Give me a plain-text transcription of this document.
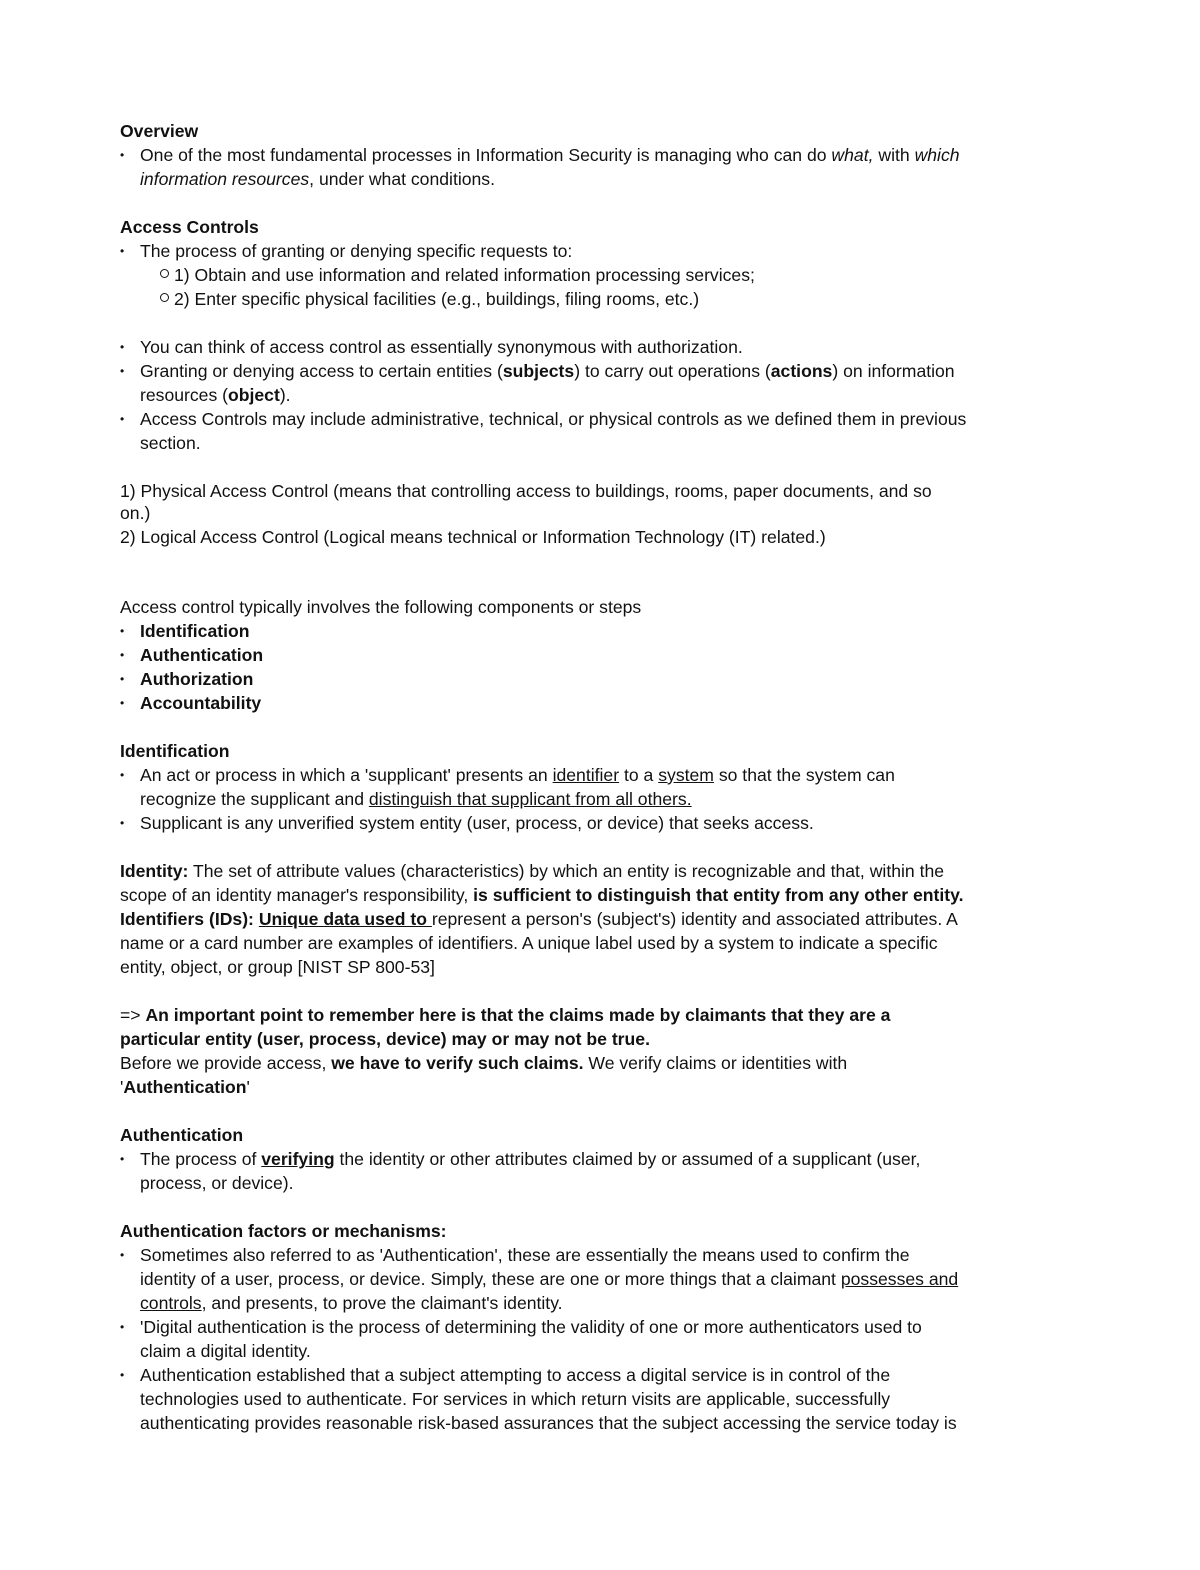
Overview
• One of the most fundamental processes in Information Security is managing who can do what, with which
information resources, under what conditions.
Access Controls
• The process of granting or denying specific requests to:
1) Obtain and use information and related information processing services;
2) Enter specific physical facilities (e.g., buildings, filing rooms, etc.)
• You can think of access control as essentially synonymous with authorization.
• Granting or denying access to certain entities (subjects) to carry out operations (actions) on information
resources (object).
• Access Controls may include administrative, technical, or physical controls as we defined them in previous
section.
1) Physical Access Control (means that controlling access to buildings, rooms, paper documents, and so
on.)
2) Logical Access Control (Logical means technical or Information Technology (IT) related.)
Access control typically involves the following components or steps
• Identification
• Authentication
• Authorization
• Accountability
Identification
• An act or process in which a 'supplicant' presents an identifier to a system so that the system can
recognize the supplicant and distinguish that supplicant from all others.
• Supplicant is any unverified system entity (user, process, or device) that seeks access.
Identity: The set of attribute values (characteristics) by which an entity is recognizable and that, within the
scope of an identity manager's responsibility, is sufficient to distinguish that entity from any other entity.
Identifiers (IDs): Unique data used to represent a person's (subject's) identity and associated attributes. A
name or a card number are examples of identifiers. A unique label used by a system to indicate a specific
entity, object, or group [NIST SP 800-53]
=> An important point to remember here is that the claims made by claimants that they are a
particular entity (user, process, device) may or may not be true.
Before we provide access, we have to verify such claims. We verify claims or identities with
'Authentication'
Authentication
• The process of verifying the identity or other attributes claimed by or assumed of a supplicant (user,
process, or device).
Authentication factors or mechanisms:
• Sometimes also referred to as 'Authentication', these are essentially the means used to confirm the
identity of a user, process, or device. Simply, these are one or more things that a claimant possesses and
controls, and presents, to prove the claimant's identity.
• 'Digital authentication is the process of determining the validity of one or more authenticators used to
claim a digital identity.
• Authentication established that a subject attempting to access a digital service is in control of the
technologies used to authenticate. For services in which return visits are applicable, successfully
authenticating provides reasonable risk-based assurances that the subject accessing the service today is
